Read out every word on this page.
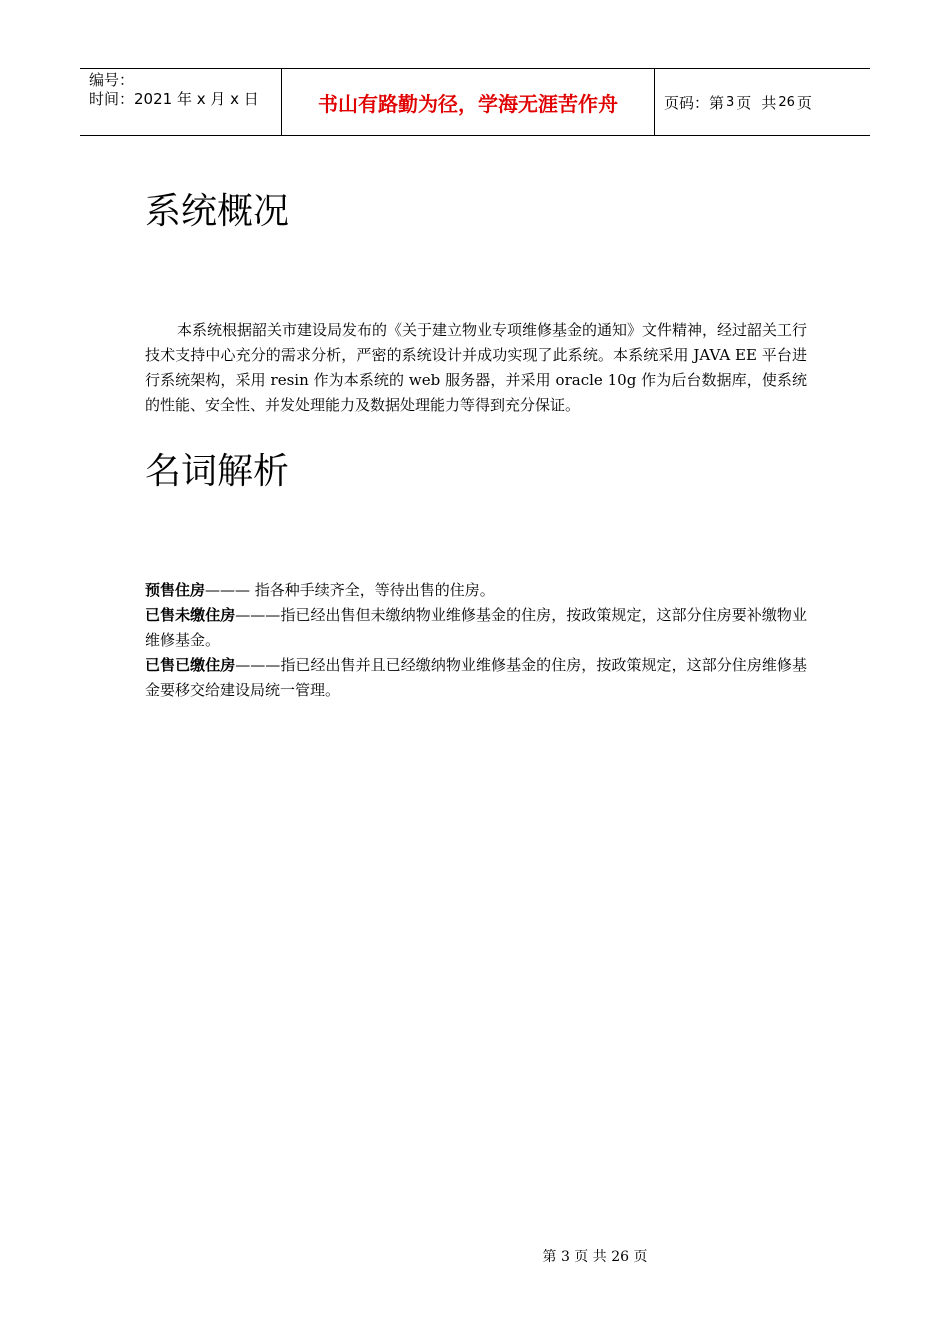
编号：
时间：2021 年 x 月 x 日	书山有路勤为径，学海无涯苦作舟	页码：第 3 页 共 26 页
系统概况

本系统根据韶关市建设局发布的《关于建立物业专项维修基金的通知》文件精神，经过韶关工行技术支持中心充分的需求分析，严密的系统设计并成功实现了此系统。本系统采用 JAVA EE 平台进行系统架构，采用 resin 作为本系统的 web 服务器，并采用 oracle 10g 作为后台数据库，使系统的性能、安全性、并发处理能力及数据处理能力等得到充分保证。

名词解析

预售住房——— 指各种手续齐全，等待出售的住房。

已售未缴住房———指已经出售但未缴纳物业维修基金的住房，按政策规定，这部分住房要补缴物业维修基金。

已售已缴住房———指已经出售并且已经缴纳物业维修基金的住房，按政策规定，这部分住房维修基金要移交给建设局统一管理。

第 3 页 共 26 页
